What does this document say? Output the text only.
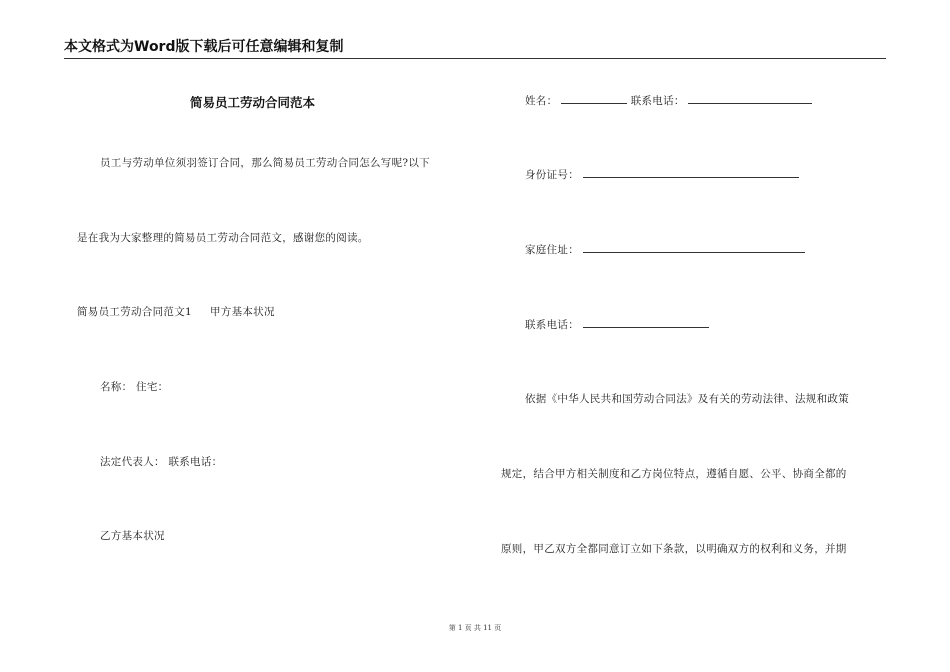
本文格式为Word版下载后可任意编辑和复制
简易员工劳动合同范本
员工与劳动单位须羽签订合同，那么简易员工劳动合同怎么写呢?以下
是在我为大家整理的简易员工劳动合同范文，感谢您的阅读。
简易员工劳动合同范文1 甲方基本状况
名称： 住宅：
法定代表人： 联系电话：
乙方基本状况
姓名：	联系电话：
身份证号：
家庭住址：
联系电话：
依据《中华人民共和国劳动合同法》及有关的劳动法律、法规和政策
规定，结合甲方相关制度和乙方岗位特点，遵循自愿、公平、协商全都的
原则，甲乙双方全都同意订立如下条款，以明确双方的权利和义务，并期
第 1 页 共 11 页
